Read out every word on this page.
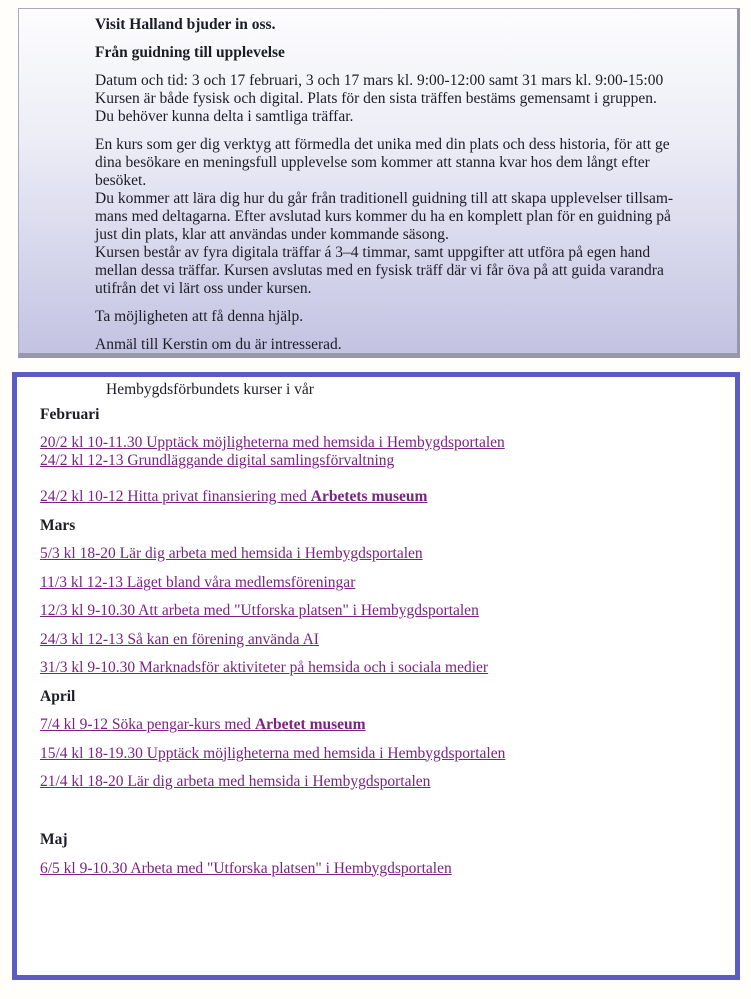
Visit Halland bjuder in oss.

Från guidning till upplevelse

Datum och tid: 3 och 17 februari, 3 och 17 mars kl. 9:00-12:00 samt 31 mars kl. 9:00-15:00
Kursen är både fysisk och digital. Plats för den sista träffen bestäms gemensamt i gruppen.
Du behöver kunna delta i samtliga träffar.

En kurs som ger dig verktyg att förmedla det unika med din plats och dess historia, för att ge
dina besökare en meningsfull upplevelse som kommer att stanna kvar hos dem långt efter
besöket.
Du kommer att lära dig hur du går från traditionell guidning till att skapa upplevelser tillsam-
mans med deltagarna. Efter avslutad kurs kommer du ha en komplett plan för en guidning på
just din plats, klar att användas under kommande säsong.
Kursen består av fyra digitala träffar á 3–4 timmar, samt uppgifter att utföra på egen hand
mellan dessa träffar. Kursen avslutas med en fysisk träff där vi får öva på att guida varandra
utifrån det vi lärt oss under kursen.

Ta möjligheten att få denna hjälp.

Anmäl till Kerstin om du är intresserad.

Hembygdsförbundets kurser i vår

Februari

20/2 kl 10-11.30 Upptäck möjligheterna med hemsida i Hembygdsportalen
24/2 kl 12-13 Grundläggande digital samlingsförvaltning

24/2 kl 10-12 Hitta privat finansiering med Arbetets museum

Mars

5/3 kl 18-20 Lär dig arbeta med hemsida i Hembygdsportalen

11/3 kl 12-13 Läget bland våra medlemsföreningar

12/3 kl 9-10.30 Att arbeta med "Utforska platsen" i Hembygdsportalen

24/3 kl 12-13 Så kan en förening använda AI

31/3 kl 9-10.30 Marknadsför aktiviteter på hemsida och i sociala medier

April

7/4 kl 9-12 Söka pengar-kurs med Arbetet museum

15/4 kl 18-19.30 Upptäck möjligheterna med hemsida i Hembygdsportalen

21/4 kl 18-20 Lär dig arbeta med hemsida i Hembygdsportalen

Maj

6/5 kl 9-10.30 Arbeta med "Utforska platsen" i Hembygdsportalen
